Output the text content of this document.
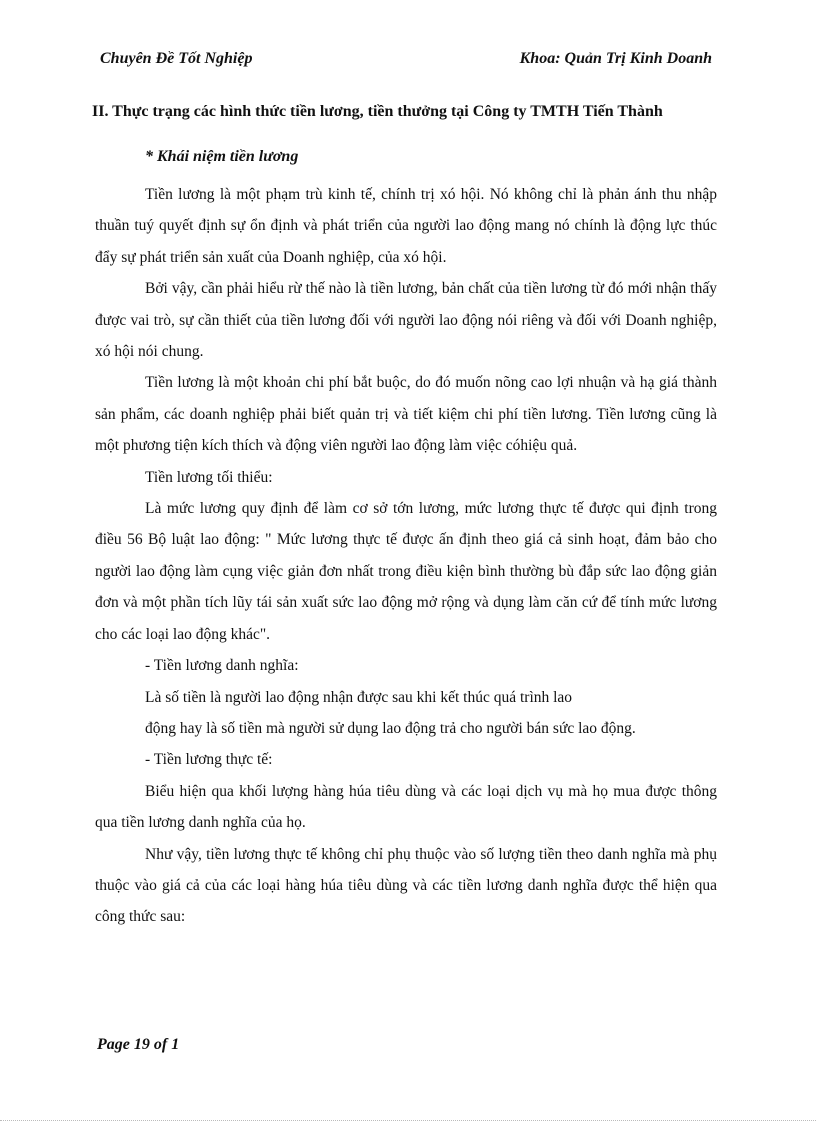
Chuyên Đề Tốt Nghiệp	Khoa: Quản Trị Kinh Doanh
II. Thực trạng các hình thức tiền lương, tiền thưởng tại Công ty TMTH Tiến Thành
* Khái niệm tiền lương

Tiền lương là một phạm trù kinh tế, chính trị xó hội. Nó không chỉ là phản ánh thu nhập thuần tuý quyết định sự ổn định và phát triển của người lao động mang nó chính là động lực thúc đẩy sự phát triển sản xuất của Doanh nghiệp, của xó hội.

Bởi vậy, cần phải hiểu rừ thế nào là tiền lương, bản chất của tiền lương từ đó mới nhận thấy được vai trò, sự cần thiết của tiền lương đối với người lao động nói riêng và đối với Doanh nghiệp, xó hội nói chung.

Tiền lương là một khoản chi phí bắt buộc, do đó muốn nõng cao lợi nhuận và hạ giá thành sản phẩm, các doanh nghiệp phải biết quản trị và tiết kiệm chi phí tiền lương. Tiền lương cũng là một phương tiện kích thích và động viên người lao động làm việc cóhiệu quả.

Tiền lương tối thiểu:

Là mức lương quy định để làm cơ sở tớn lương, mức lương thực tế được qui định trong điều 56 Bộ luật lao động: " Mức lương thực tế được ấn định theo giá cả sinh hoạt, đảm bảo cho người lao động làm cụng việc giản đơn nhất trong điều kiện bình thường bù đắp sức lao động giản đơn và một phần tích lũy tái sản xuất sức lao động mở rộng và dụng làm căn cứ để tính mức lương cho các loại lao động khác".

- Tiền lương danh nghĩa:

Là số tiền là người lao động nhận được sau khi kết thúc quá trình lao

động hay là số tiền mà người sử dụng lao động trả cho người bán sức lao động.

- Tiền lương thực tế:

Biểu hiện qua khối lượng hàng húa tiêu dùng và các loại dịch vụ mà họ mua được thông qua tiền lương danh nghĩa của họ.

Như vậy, tiền lương thực tế không chỉ phụ thuộc vào số lượng tiền theo danh nghĩa mà phụ thuộc vào giá cả của các loại hàng húa tiêu dùng và các tiền lương danh nghĩa được thể hiện qua công thức sau:

Page 19 of 1
